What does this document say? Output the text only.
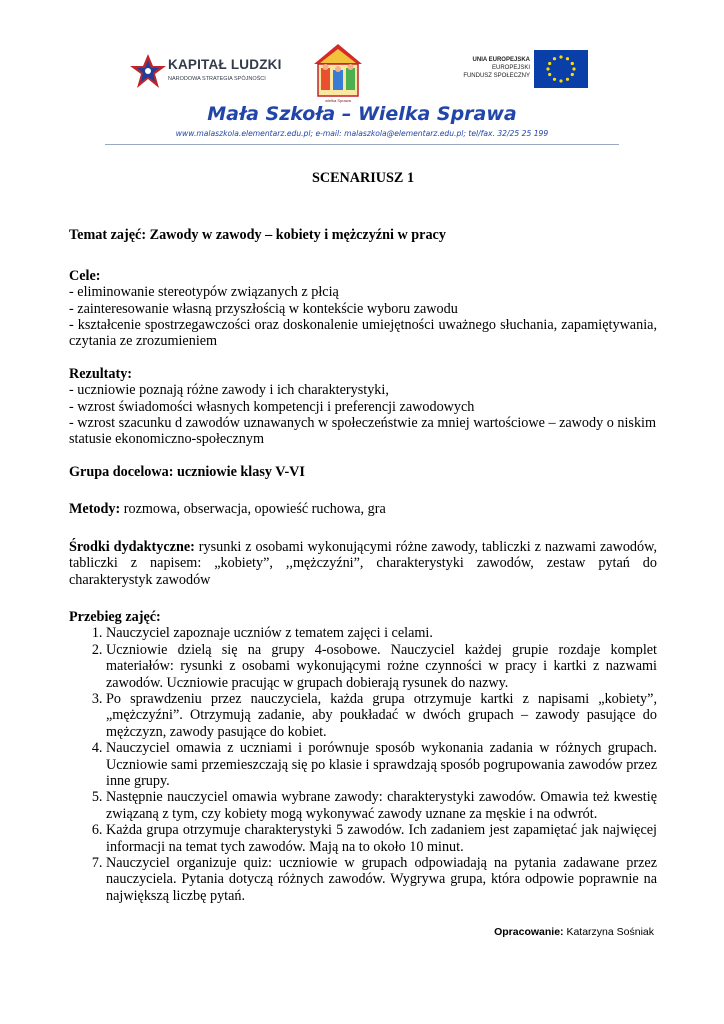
KAPITAŁ LUDZKI
NARODOWA STRATEGIA SPÓJNOŚCI
wielka Sprawa
UNIA EUROPEJSKA
EUROPEJSKI
FUNDUSZ SPOŁECZNY
Mała Szkoła – Wielka Sprawa
www.malaszkola.elementarz.edu.pl; e-mail: malaszkola@elementarz.edu.pl; tel/fax. 32/25 25 199

SCENARIUSZ 1

Temat zajęć: Zawody w zawody – kobiety i mężczyźni w pracy

Cele:

- eliminowanie stereotypów związanych z płcią

- zainteresowanie własną przyszłością w kontekście wyboru zawodu

- kształcenie spostrzegawczości oraz doskonalenie umiejętności uważnego słuchania, zapamiętywania, czytania ze zrozumieniem

Rezultaty:

- uczniowie poznają różne zawody i ich charakterystyki,

- wzrost świadomości własnych kompetencji i preferencji zawodowych

- wzrost szacunku d zawodów uznawanych w społeczeństwie za mniej wartościowe – zawody o niskim statusie ekonomiczno-społecznym

Grupa docelowa: uczniowie klasy V-VI

Metody: rozmowa, obserwacja, opowieść ruchowa, gra

Środki dydaktyczne: rysunki z osobami wykonującymi różne zawody, tabliczki z nazwami zawodów, tabliczki z napisem: „kobiety”, ,,mężczyźni”, charakterystyki zawodów, zestaw pytań do charakterystyk zawodów

Przebieg zajęć:

1. Nauczyciel zapoznaje uczniów z tematem zajęci i celami.
2. Uczniowie dzielą się na grupy 4-osobowe. Nauczyciel każdej grupie rozdaje komplet materiałów: rysunki z osobami wykonującymi rożne czynności w pracy i kartki z nazwami zawodów. Uczniowie pracując w grupach dobierają rysunek do nazwy.
3. Po sprawdzeniu przez nauczyciela, każda grupa otrzymuje kartki z napisami „kobiety”, „mężczyźni”. Otrzymują zadanie, aby poukładać w dwóch grupach – zawody pasujące do mężczyzn, zawody pasujące do kobiet.
4. Nauczyciel omawia z uczniami i porównuje sposób wykonania zadania w różnych grupach. Uczniowie sami przemieszczają się po klasie i sprawdzają sposób pogrupowania zawodów przez inne grupy.
5. Następnie nauczyciel omawia wybrane zawody: charakterystyki zawodów. Omawia też kwestię związaną z tym, czy kobiety mogą wykonywać zawody uznane za męskie i na odwrót.
6. Każda grupa otrzymuje charakterystyki 5 zawodów. Ich zadaniem jest zapamiętać jak najwięcej informacji na temat tych zawodów. Mają na to około 10 minut.
7. Nauczyciel organizuje quiz: uczniowie w grupach odpowiadają na pytania zadawane przez nauczyciela. Pytania dotyczą różnych zawodów. Wygrywa grupa, która odpowie poprawnie na największą liczbę pytań.
Opracowanie: Katarzyna Sośniak
